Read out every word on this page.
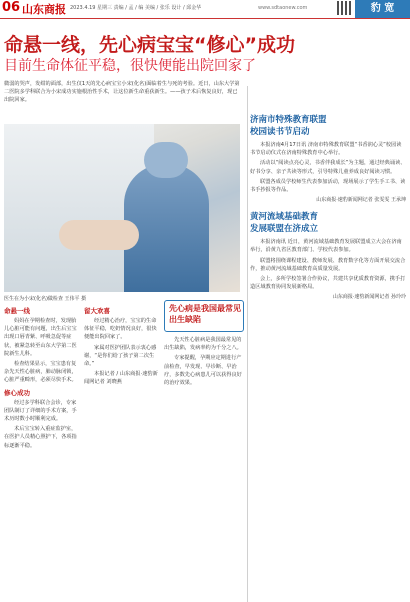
06 山东商报 2023.4.19 星期三 责编 / 孟 / 编 美编 / 张乐 设计 / 邱金华	www.sdtaonew.com	豹 宽
命悬一线，先心病宝宝“修心”成功
目前生命体征平稳，很快便能出院回家了
微弱的哭声，发绀的面部，出生仅1天的先心病宝宝小宋(化名)面临着生与死的考验。近日，山东大学第二医院多学科联合为小宋成功实施根治性手术，让这位新生命重获新生。——孩子术后恢复良好，现已出院回家。
医生在为小宋(化名)做检查 王伟平 摄
命悬一线

妈妈在孕期检查时，发现胎儿心脏可能有问题，出生后宝宝出现口唇青紫、呼吸急促等症状，被紧急转至山东大学第二医院新生儿科。

检查结果显示，宝宝患有复杂先天性心脏病，肺动脉闭锁，心脏严重畸形，必须尽快手术。

修心成功

经过多学科联合会诊，专家团队制订了详细的手术方案，手术历时数小时顺利完成。

术后宝宝转入重症监护室，在医护人员精心照护下，各项指标逐渐平稳。

留大欢喜

经过精心治疗，宝宝的生命体征平稳，吃奶情况良好，很快便能出院回家了。

家属对医护团队表示衷心感谢，“是你们给了孩子第二次生命。”

本报记者 / 山东商报·速豹新闻网记者 刘晓燕

先心病是我国最常见出生缺陷

先天性心脏病是我国最常见的出生缺陷，发病率约为千分之八。

专家提醒，孕期应定期进行产前检查，早发现、早诊断、早治疗，多数先心病患儿可以获得良好的治疗效果。

济南市特殊教育联盟
校园读书节启动

本报济南4月17日讯 济南市特殊教育联盟“书香润心灵”校园读书节启动仪式在济南特殊教育中心举行。

活动以“阅读点亮心灵，书香伴我成长”为主题，通过经典诵读、好书分享、亲子共读等形式，引导特殊儿童养成良好阅读习惯。

联盟各成员学校师生代表参加活动，现场展示了学生手工书、读书手抄报等作品。

山东商报·速豹新闻网记者 张雯雯 王承坤
黄河流域基础教育
发展联盟在济成立

本报济南讯 近日，黄河流域基础教育发展联盟成立大会在济南举行，沿黄九省区教育部门、学校代表参加。

联盟将围绕课程建设、教师发展、教育数字化等方面开展交流合作，推动黄河流域基础教育高质量发展。

会上，多所学校签署合作协议，共建共享优质教育资源，携手打造区域教育协同发展新格局。

山东商报·速豹新闻网记者 孙玲玲
